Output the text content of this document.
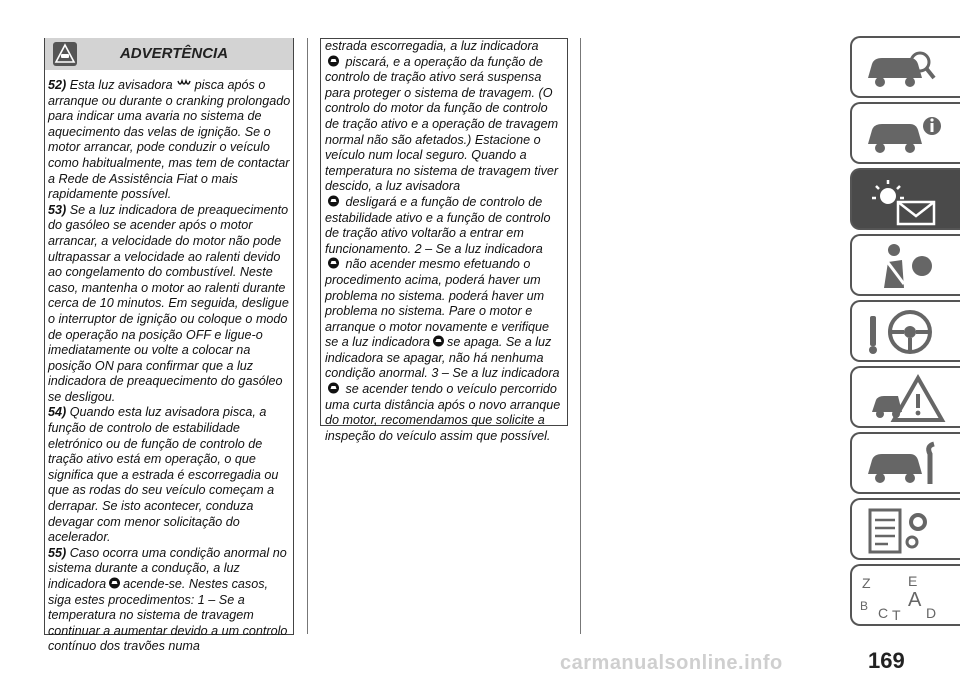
ADVERTÊNCIA

52) Esta luz avisadora pisca após o arranque ou durante o cranking prolongado para indicar uma avaria no sistema de aquecimento das velas de ignição. Se o motor arrancar, pode conduzir o veículo como habitualmente, mas tem de contactar a Rede de Assistência Fiat o mais rapidamente possível.

53) Se a luz indicadora de preaquecimento do gasóleo se acender após o motor arrancar, a velocidade do motor não pode ultrapassar a velocidade ao ralenti devido ao congelamento do combustível. Neste caso, mantenha o motor ao ralenti durante cerca de 10 minutos. Em seguida, desligue o interruptor de ignição ou coloque o modo de operação na posição OFF e ligue-o imediatamente ou volte a colocar na posição ON para confirmar que a luz indicadora de preaquecimento do gasóleo se desligou.

54) Quando esta luz avisadora pisca, a função de controlo de estabilidade eletrónico ou de função de controlo de tração ativo está em operação, o que significa que a estrada é escorregadia ou que as rodas do seu veículo começam a derrapar. Se isto acontecer, conduza devagar com menor solicitação do acelerador.

55) Caso ocorra uma condição anormal no sistema durante a condução, a luz indicadora acende-se. Nestes casos, siga estes procedimentos: 1 – Se a temperatura no sistema de travagem continuar a aumentar devido a um controlo contínuo dos travões numa

estrada escorregadia, a luz indicadora
piscará, e a operação da função de controlo de tração ativo será suspensa para proteger o sistema de travagem. (O controlo do motor da função de controlo de tração ativo e a operação de travagem normal não são afetados.) Estacione o veículo num local seguro. Quando a temperatura no sistema de travagem tiver descido, a luz avisadora
desligará e a função de controlo de estabilidade ativo e a função de controlo de tração ativo voltarão a entrar em funcionamento. 2 – Se a luz indicadora
não acender mesmo efetuando o procedimento acima, poderá haver um problema no sistema. poderá haver um problema no sistema. Pare o motor e arranque o motor novamente e verifique se a luz indicadora se apaga. Se a luz indicadora se apagar, não há nenhuma condição anormal. 3 – Se a luz indicadora
se acender tendo o veículo percorrido uma curta distância após o novo arranque do motor, recomendamos que solicite a inspeção do veículo assim que possível.

Z	E
B C T
A
D
169
carmanualsonline.info
